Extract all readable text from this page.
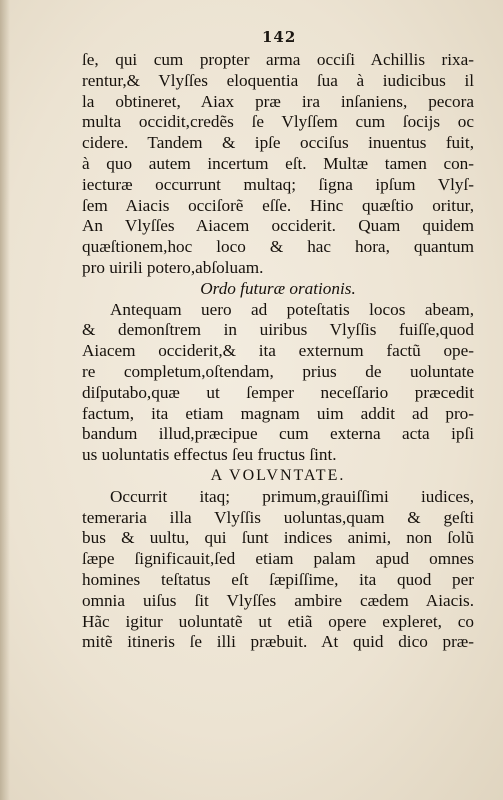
142
ſe, qui cum propter arma occiſi Achillis rixa-
rentur,& Vlyſſes eloquentia ſua à iudicibus il
la obtineret, Aiax præ ira inſaniens, pecora
multa occidit,credẽs ſe Vlyſſem cum ſocijs oc
cidere. Tandem & ipſe occiſus inuentus fuit,
à quo autem incertum eſt. Multæ tamen con-
iecturæ occurrunt multaq; ſigna ipſum Vlyſ-
ſem Aiacis occiſorẽ eſſe. Hinc quæſtio oritur,
An Vlyſſes Aiacem occiderit. Quam quidem
quæſtionem,hoc loco & hac hora, quantum
pro uirili potero,abſoluam.
Ordo futuræ orationis.
Antequam uero ad poteſtatis locos abeam,
& demonſtrem in uiribus Vlyſſis fuiſſe,quod
Aiacem occiderit,& ita externum factũ ope-
re completum,oſtendam, prius de uoluntate
diſputabo,quæ ut ſemper neceſſario præcedit
factum, ita etiam magnam uim addit ad pro-
bandum illud,præcipue cum externa acta ipſi
us uoluntatis effectus ſeu fructus ſint.
A VOLVNTATE.
Occurrit itaq; primum,grauiſſimi iudices,
temeraria illa Vlyſſis uoluntas,quam & geſti
bus & uultu, qui ſunt indices animi, non ſolũ
ſæpe ſignificauit,ſed etiam palam apud omnes
homines teſtatus eſt ſæpiſſime, ita quod per
omnia uiſus ſit Vlyſſes ambire cædem Aiacis.
Hãc igitur uoluntatẽ ut etiã opere expleret, co
mitẽ itineris ſe illi præbuit. At quid dico præ-
